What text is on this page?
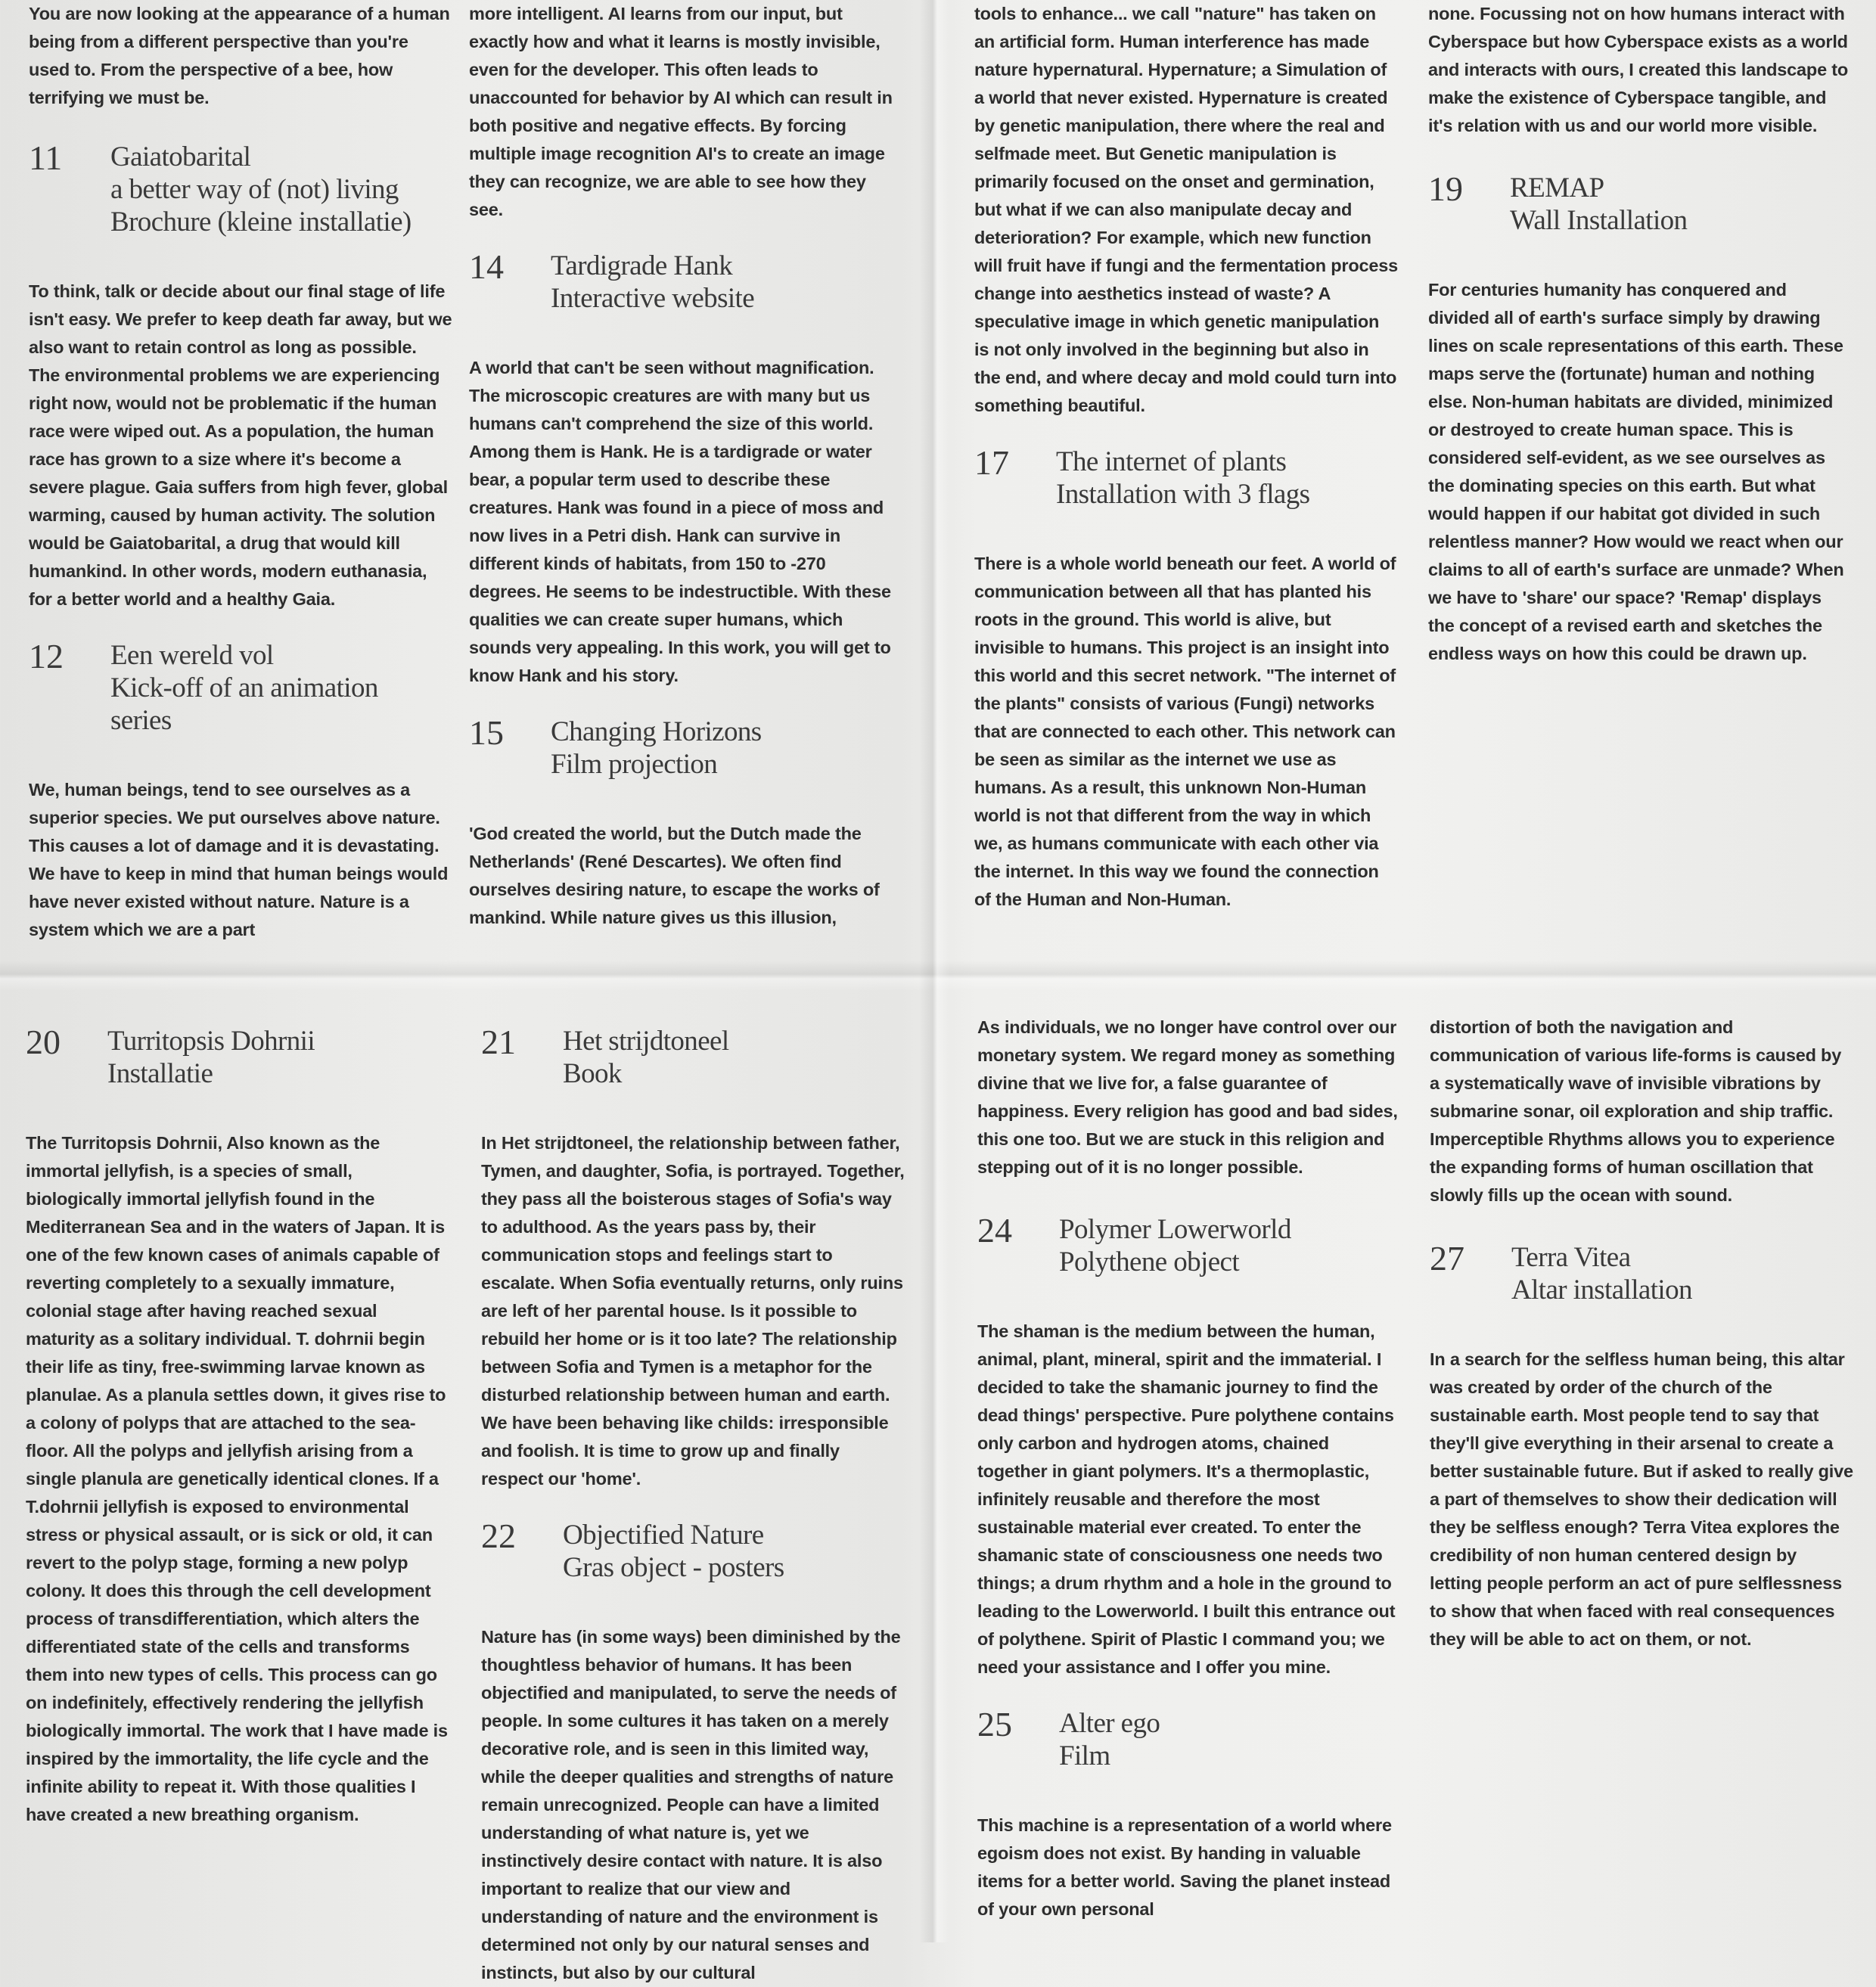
You are now looking at the appearance of a human being from a different perspective than you're used to. From the perspective of a bee, how terrifying we must be.

11	Gaiatobarital
a better way of (not) living
Brochure (kleine installatie)

To think, talk or decide about our final stage of life isn't easy. We prefer to keep death far away, but we also want to retain control as long as possible. The environmental problems we are experiencing right now, would not be problematic if the human race were wiped out. As a population, the human race has grown to a size where it's become a severe plague. Gaia suffers from high fever, global warming, caused by human activity. The solution would be Gaiatobarital, a drug that would kill humankind. In other words, modern euthanasia, for a better world and a healthy Gaia.

12	Een wereld vol
Kick-off of an animation
series

We, human beings, tend to see ourselves as a superior species. We put ourselves above nature. This causes a lot of damage and it is devastating. We have to keep in mind that human beings would have never existed without nature. Nature is a system which we are a part

more intelligent. AI learns from our input, but exactly how and what it learns is mostly invisible, even for the developer. This often leads to unaccounted for behavior by AI which can result in both positive and negative effects. By forcing multiple image recognition AI's to create an image they can recognize, we are able to see how they see.

14	Tardigrade Hank
Interactive website

A world that can't be seen without magnification. The microscopic creatures are with many but us humans can't comprehend the size of this world. Among them is Hank. He is a tardigrade or water bear, a popular term used to describe these creatures. Hank was found in a piece of moss and now lives in a Petri dish. Hank can survive in different kinds of habitats, from 150 to -270 degrees. He seems to be indestructible. With these qualities we can create super humans, which sounds very appealing. In this work, you will get to know Hank and his story.

15	Changing Horizons
Film projection

'God created the world, but the Dutch made the Netherlands' (René Descartes). We often find ourselves desiring nature, to escape the works of mankind. While nature gives us this illusion,

tools to enhance... we call "nature" has taken on an artificial form. Human interference has made nature hypernatural. Hypernature; a Simulation of a world that never existed. Hypernature is created by genetic manipulation, there where the real and selfmade meet. But Genetic manipulation is primarily focused on the onset and germination, but what if we can also manipulate decay and deterioration? For example, which new function will fruit have if fungi and the fermentation process change into aesthetics instead of waste? A speculative image in which genetic manipulation is not only involved in the beginning but also in the end, and where decay and mold could turn into something beautiful.

17	The internet of plants
Installation with 3 flags

There is a whole world beneath our feet. A world of communication between all that has planted his roots in the ground. This world is alive, but invisible to humans. This project is an insight into this world and this secret network. "The internet of the plants" consists of various (Fungi) networks that are connected to each other. This network can be seen as similar as the internet we use as humans. As a result, this unknown Non-Human world is not that different from the way in which we, as humans communicate with each other via the internet. In this way we found the connection of the Human and Non-Human.

none. Focussing not on how humans interact with Cyberspace but how Cyberspace exists as a world and interacts with ours, I created this landscape to make the existence of Cyberspace tangible, and it's relation with us and our world more visible.

19	REMAP
Wall Installation

For centuries humanity has conquered and divided all of earth's surface simply by drawing lines on scale representations of this earth. These maps serve the (fortunate) human and nothing else. Non-human habitats are divided, minimized or destroyed to create human space. This is considered self-evident, as we see ourselves as the dominating species on this earth. But what would happen if our habitat got divided in such relentless manner? How would we react when our claims to all of earth's surface are unmade? When we have to 'share' our space? 'Remap' displays the concept of a revised earth and sketches the endless ways on how this could be drawn up.

20	Turritopsis Dohrnii
Installatie

The Turritopsis Dohrnii, Also known as the immortal jellyfish, is a species of small, biologically immortal jellyfish found in the Mediterranean Sea and in the waters of Japan. It is one of the few known cases of animals capable of reverting completely to a sexually immature, colonial stage after having reached sexual maturity as a solitary individual. T. dohrnii begin their life as tiny, free-swimming larvae known as planulae. As a planula settles down, it gives rise to a colony of polyps that are attached to the sea-floor. All the polyps and jellyfish arising from a single planula are genetically identical clones. If a T.dohrnii jellyfish is exposed to environmental stress or physical assault, or is sick or old, it can revert to the polyp stage, forming a new polyp colony. It does this through the cell development process of transdifferentiation, which alters the differentiated state of the cells and transforms them into new types of cells. This process can go on indefinitely, effectively rendering the jellyfish biologically immortal. The work that I have made is inspired by the immortality, the life cycle and the infinite ability to repeat it. With those qualities I have created a new breathing organism.

21	Het strijdtoneel
Book

In Het strijdtoneel, the relationship between father, Tymen, and daughter, Sofia, is portrayed. Together, they pass all the boisterous stages of Sofia's way to adulthood. As the years pass by, their communication stops and feelings start to escalate. When Sofia eventually returns, only ruins are left of her parental house. Is it possible to rebuild her home or is it too late? The relationship between Sofia and Tymen is a metaphor for the disturbed relationship between human and earth. We have been behaving like childs: irresponsible and foolish. It is time to grow up and finally respect our 'home'.

22	Objectified Nature
Gras object - posters

Nature has (in some ways) been diminished by the thoughtless behavior of humans. It has been objectified and manipulated, to serve the needs of people. In some cultures it has taken on a merely decorative role, and is seen in this limited way, while the deeper qualities and strengths of nature remain unrecognized. People can have a limited understanding of what nature is, yet we instinctively desire contact with nature. It is also important to realize that our view and understanding of nature and the environment is determined not only by our natural senses and instincts, but also by our cultural

As individuals, we no longer have control over our monetary system. We regard money as something divine that we live for, a false guarantee of happiness. Every religion has good and bad sides, this one too. But we are stuck in this religion and stepping out of it is no longer possible.

24	Polymer Lowerworld
Polythene object

The shaman is the medium between the human, animal, plant, mineral, spirit and the immaterial. I decided to take the shamanic journey to find the dead things' perspective. Pure polythene contains only carbon and hydrogen atoms, chained together in giant polymers. It's a thermoplastic, infinitely reusable and therefore the most sustainable material ever created. To enter the shamanic state of consciousness one needs two things; a drum rhythm and a hole in the ground to leading to the Lowerworld. I built this entrance out of polythene. Spirit of Plastic I command you; we need your assistance and I offer you mine.

25	Alter ego
Film

This machine is a representation of a world where egoism does not exist. By handing in valuable items for a better world. Saving the planet instead of your own personal

distortion of both the navigation and communication of various life-forms is caused by a systematically wave of invisible vibrations by submarine sonar, oil exploration and ship traffic. Imperceptible Rhythms allows you to experience the expanding forms of human oscillation that slowly fills up the ocean with sound.

27	Terra Vitea
Altar installation

In a search for the selfless human being, this altar was created by order of the church of the sustainable earth. Most people tend to say that they'll give everything in their arsenal to create a better sustainable future. But if asked to really give a part of themselves to show their dedication will they be selfless enough? Terra Vitea explores the credibility of non human centered design by letting people perform an act of pure selflessness to show that when faced with real consequences they will be able to act on them, or not.
